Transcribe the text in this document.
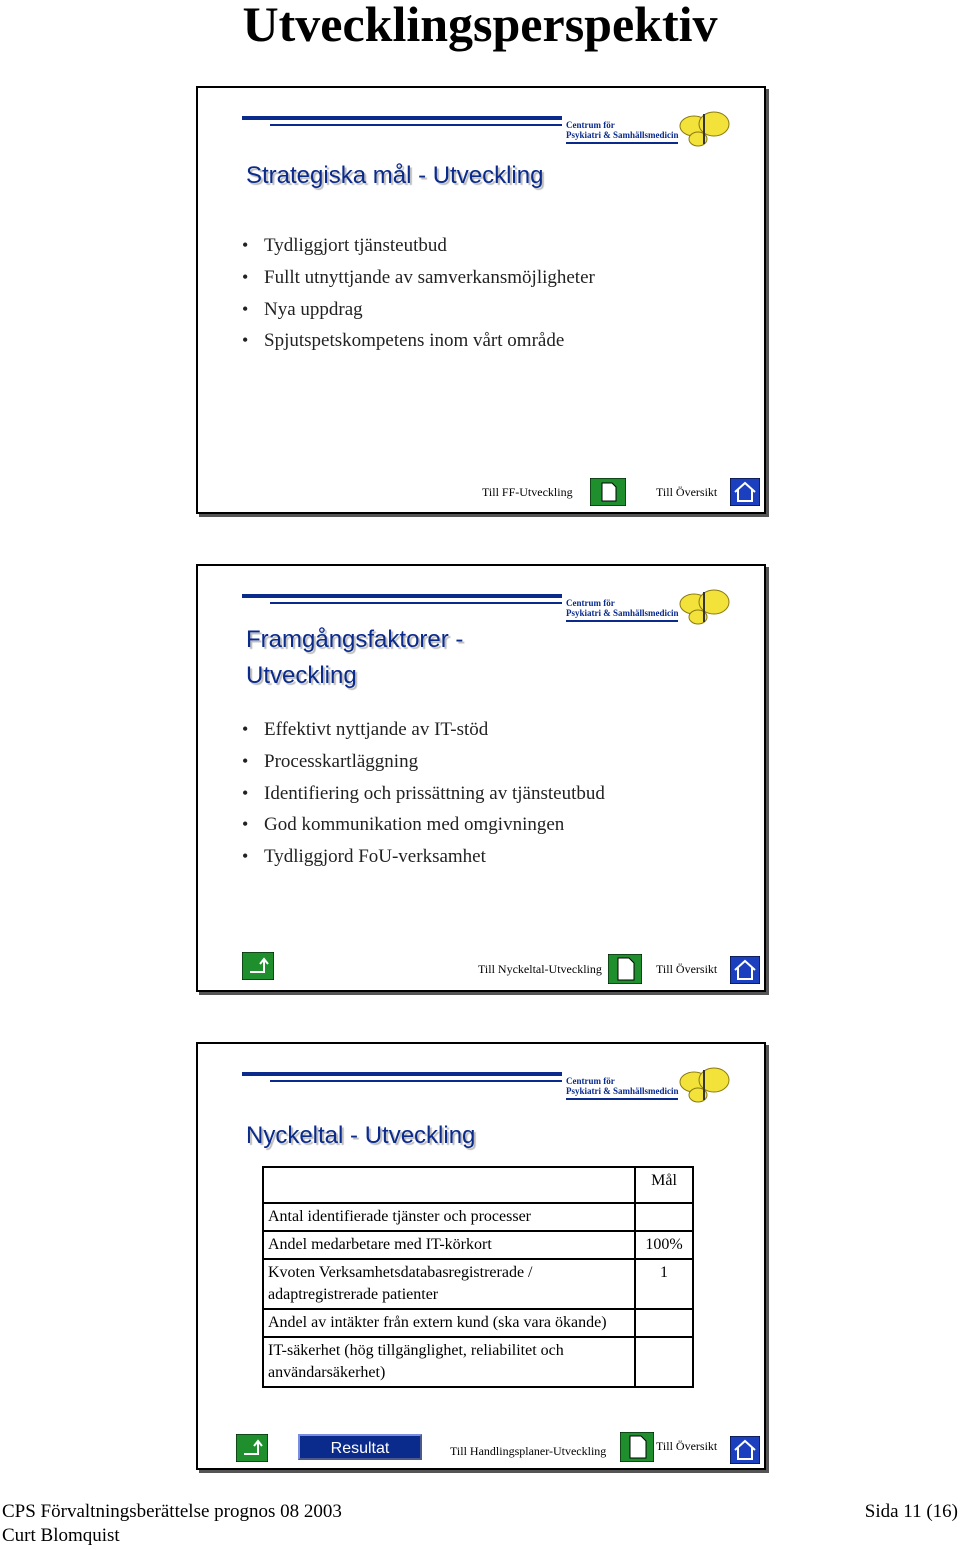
Utvecklingsperspektiv
Centrum för
Psykiatri & Samhällsmedicin
Strategiska mål - Utveckling
• Tydliggjort tjänsteutbud
• Fullt utnyttjande av samverkansmöjligheter
• Nya uppdrag
• Spjutspetskompetens inom vårt område
Till FF-Utveckling	Till Översikt
Centrum för
Psykiatri & Samhällsmedicin
Framgångsfaktorer -
Utveckling
• Effektivt nyttjande av IT-stöd
• Processkartläggning
• Identifiering och prissättning av tjänsteutbud
• God kommunikation med omgivningen
• Tydliggjord FoU-verksamhet
Till Nyckeltal-Utveckling	Till Översikt
Centrum för
Psykiatri & Samhällsmedicin
Nyckeltal - Utveckling
	Mål
Antal identifierade tjänster och processer	
Andel medarbetare med IT-körkort	100%
Kvoten Verksamhetsdatabasregistrerade / adaptregistrerade patienter	1
Andel av intäkter från extern kund (ska vara ökande)	
IT-säkerhet (hög tillgänglighet, reliabilitet och användarsäkerhet)	
Resultat	Till Handlingsplaner-Utveckling	Till Översikt
CPS Förvaltningsberättelse prognos 08 2003
Curt Blomquist
Sida 11 (16)
